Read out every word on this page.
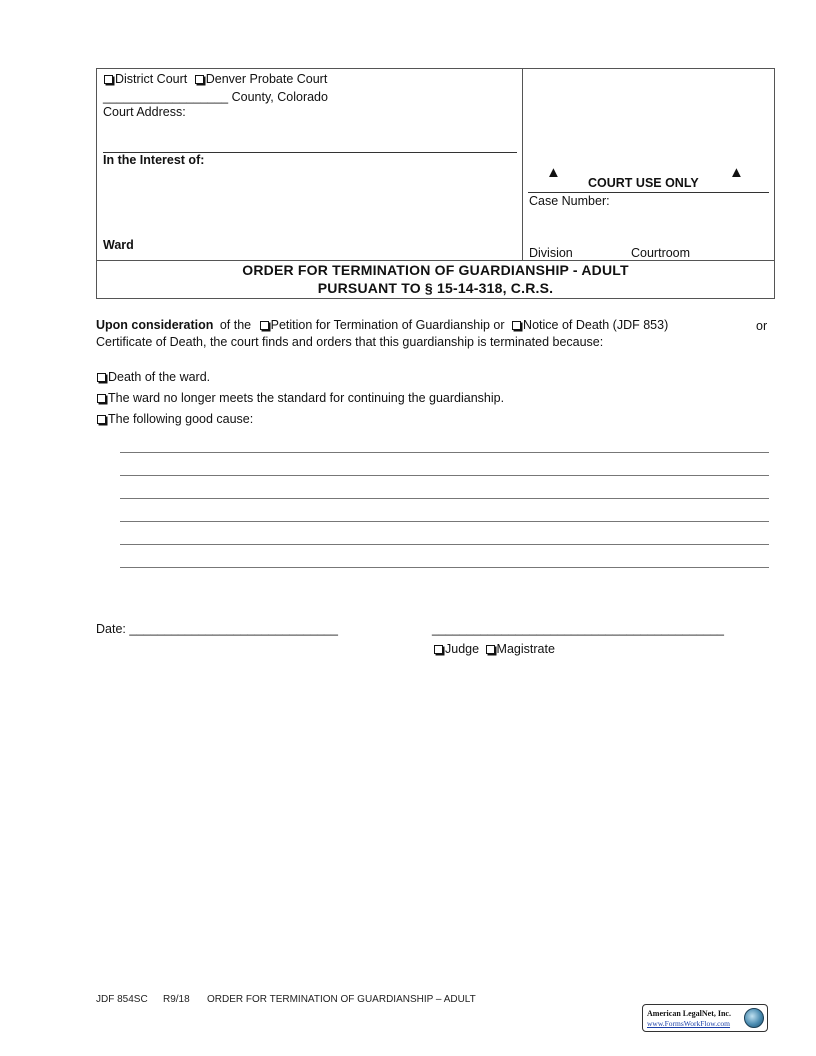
District Court Denver Probate Court
__________________ County, Colorado
Court Address:
In the Interest of:
Ward
▲	▲
COURT USE ONLY
Case Number:
Division	Courtroom
ORDER FOR TERMINATION OF GUARDIANSHIP - ADULT
PURSUANT TO § 15-14-318, C.R.S.
Upon consideration of the Petition for Termination of Guardianship or Notice of Death (JDF 853)	or
Certificate of Death, the court finds and orders that this guardianship is terminated because:
Death of the ward.
The ward no longer meets the standard for continuing the guardianship.
The following good cause:
Date: ______________________________	__________________________________________
Judge Magistrate
JDF 854SC R9/18 ORDER FOR TERMINATION OF GUARDIANSHIP – ADULT
American LegalNet, Inc.
www.FormsWorkFlow.com
